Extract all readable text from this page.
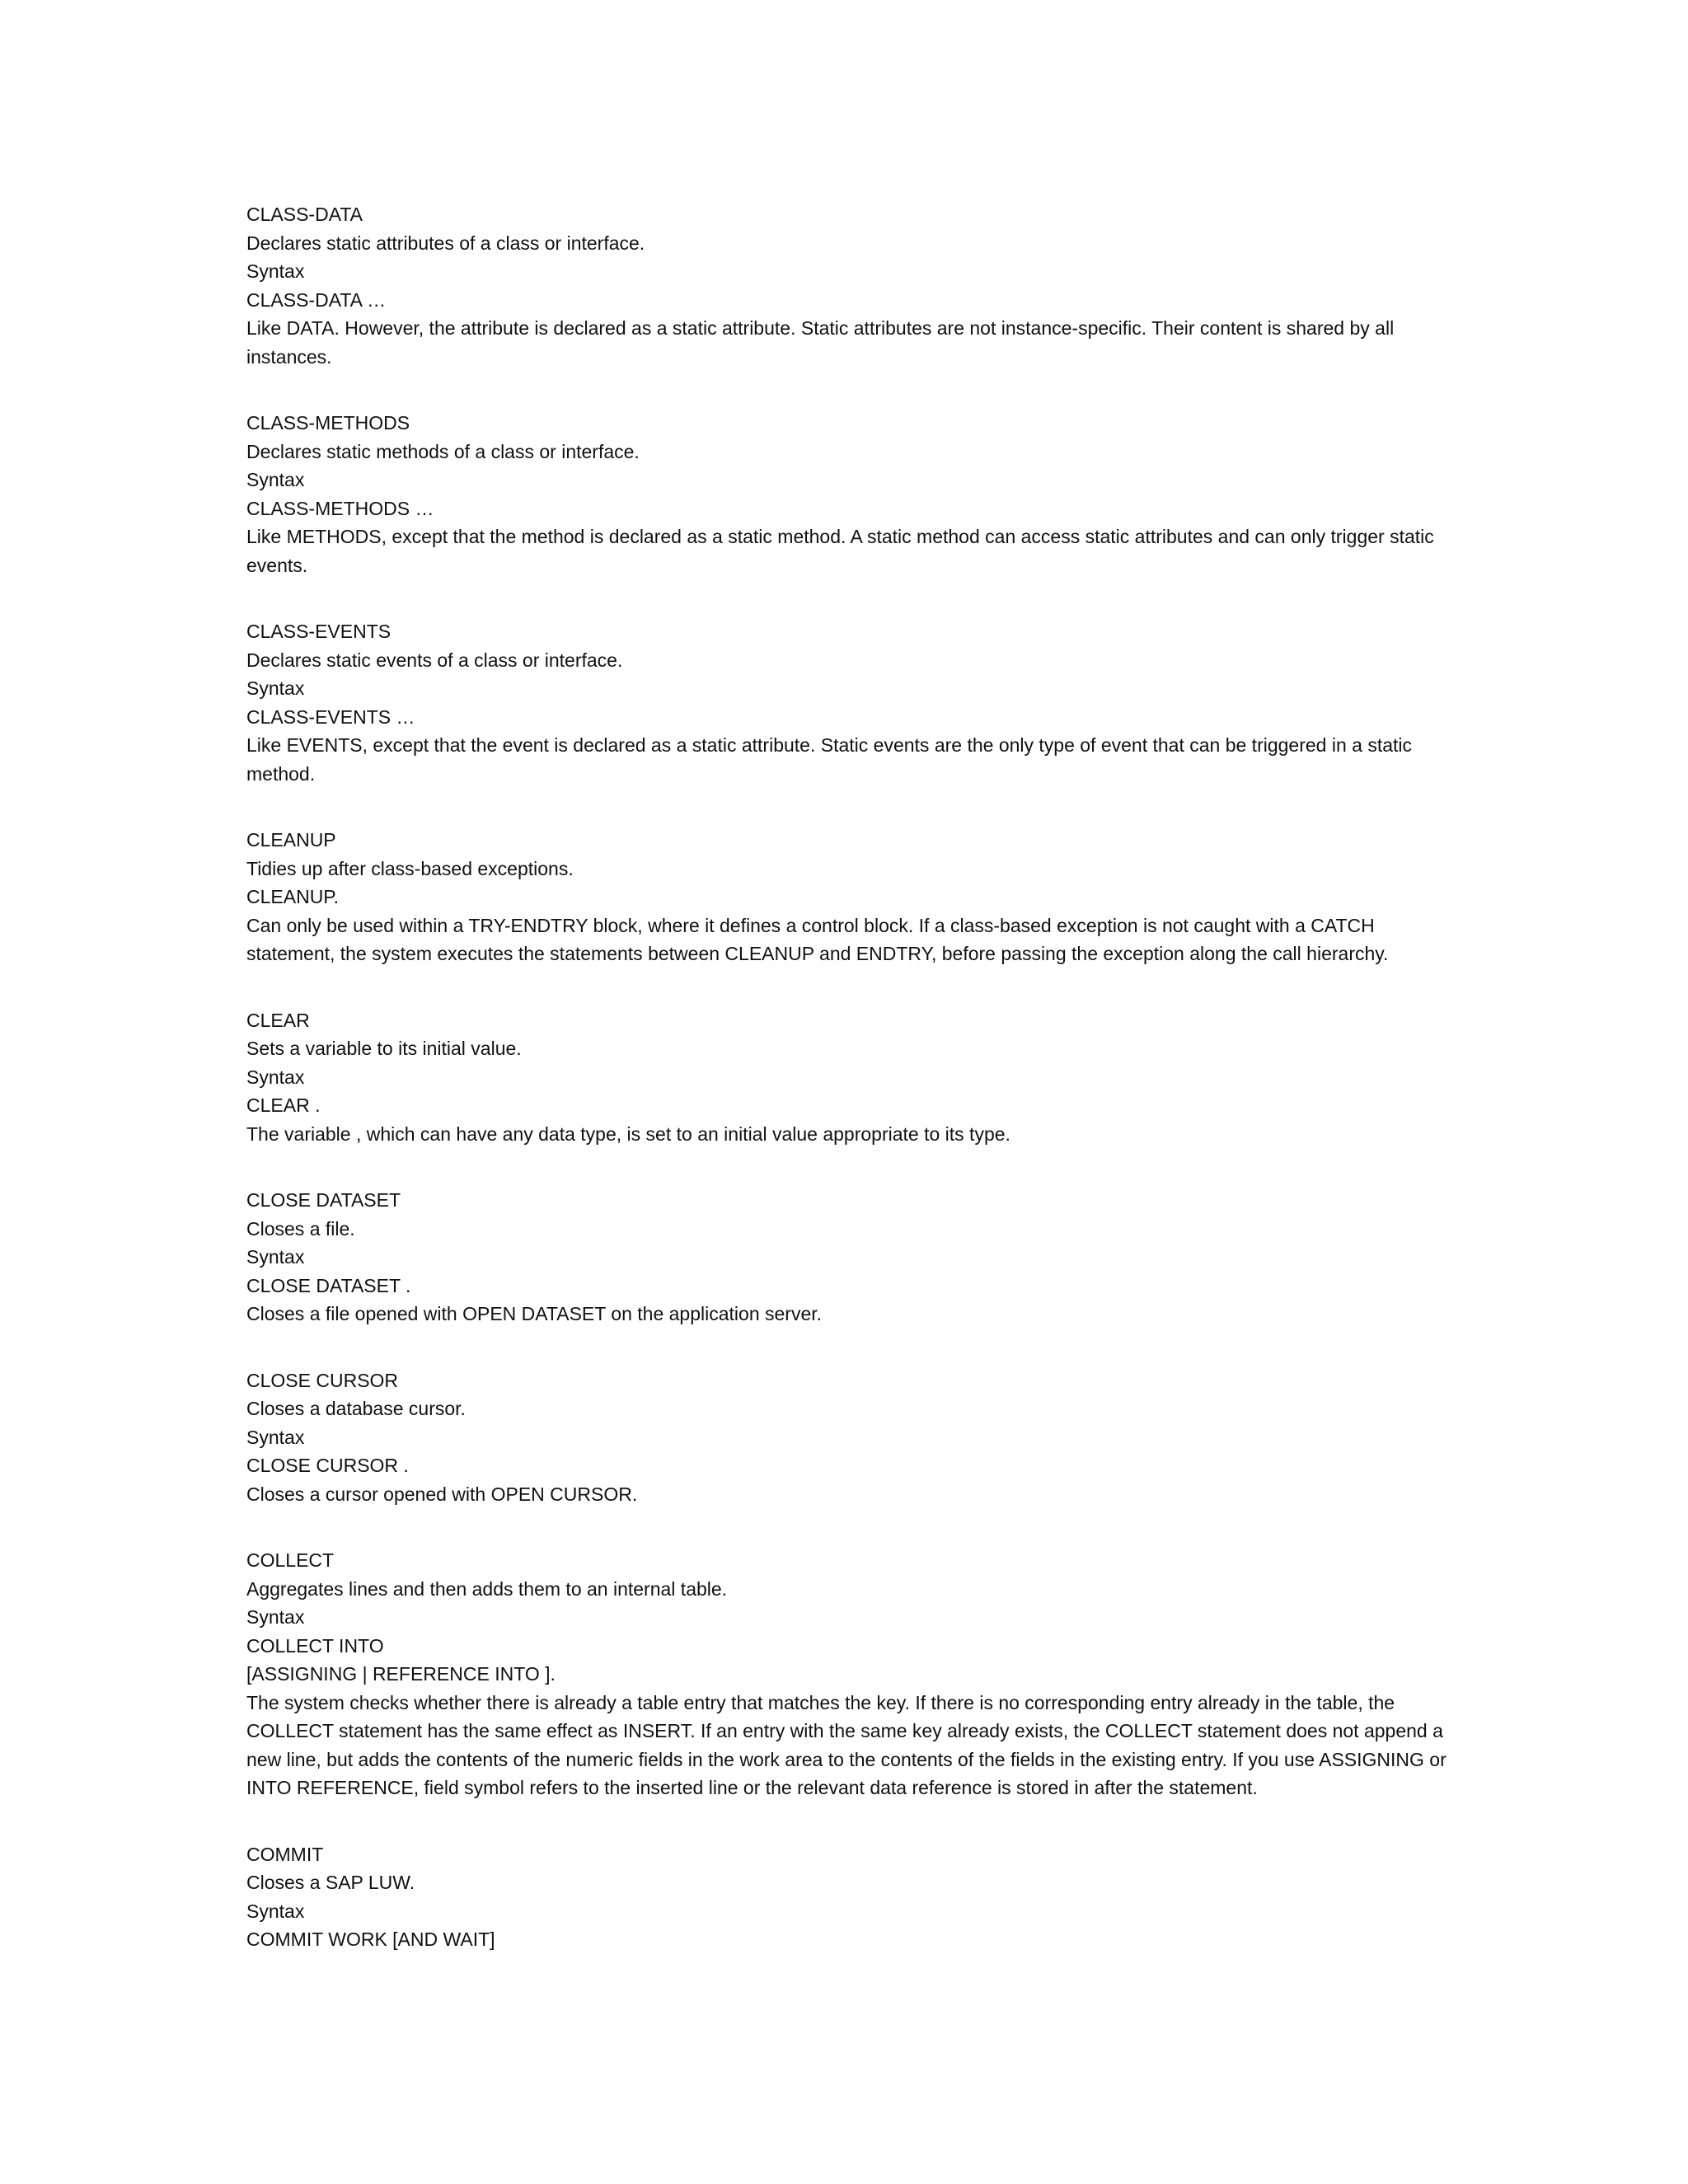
CLASS-DATA

Declares static attributes of a class or interface.

Syntax

CLASS-DATA …

Like DATA. However, the attribute is declared as a static attribute. Static attributes are not instance-specific. Their content is shared by all instances.

CLASS-METHODS

Declares static methods of a class or interface.

Syntax

CLASS-METHODS …

Like METHODS, except that the method is declared as a static method. A static method can access static attributes and can only trigger static events.

CLASS-EVENTS

Declares static events of a class or interface.

Syntax

CLASS-EVENTS …

Like EVENTS, except that the event is declared as a static attribute. Static events are the only type of event that can be triggered in a static method.

CLEANUP

Tidies up after class-based exceptions.

CLEANUP.

Can only be used within a TRY-ENDTRY block, where it defines a control block. If a class-based exception is not caught with a CATCH statement, the system executes the statements between CLEANUP and ENDTRY, before passing the exception along the call hierarchy.

CLEAR

Sets a variable to its initial value.

Syntax

CLEAR .

The variable , which can have any data type, is set to an initial value appropriate to its type.

CLOSE DATASET

Closes a file.

Syntax

CLOSE DATASET .

Closes a file opened with OPEN DATASET on the application server.

CLOSE CURSOR

Closes a database cursor.

Syntax

CLOSE CURSOR .

Closes a cursor opened with OPEN CURSOR.

COLLECT

Aggregates lines and then adds them to an internal table.

Syntax

COLLECT INTO

[ASSIGNING | REFERENCE INTO ].

The system checks whether there is already a table entry that matches the key. If there is no corresponding entry already in the table, the COLLECT statement has the same effect as INSERT. If an entry with the same key already exists, the COLLECT statement does not append a new line, but adds the contents of the numeric fields in the work area to the contents of the fields in the existing entry. If you use ASSIGNING or INTO REFERENCE, field symbol refers to the inserted line or the relevant data reference is stored in after the statement.

COMMIT

Closes a SAP LUW.

Syntax

COMMIT WORK [AND WAIT]
